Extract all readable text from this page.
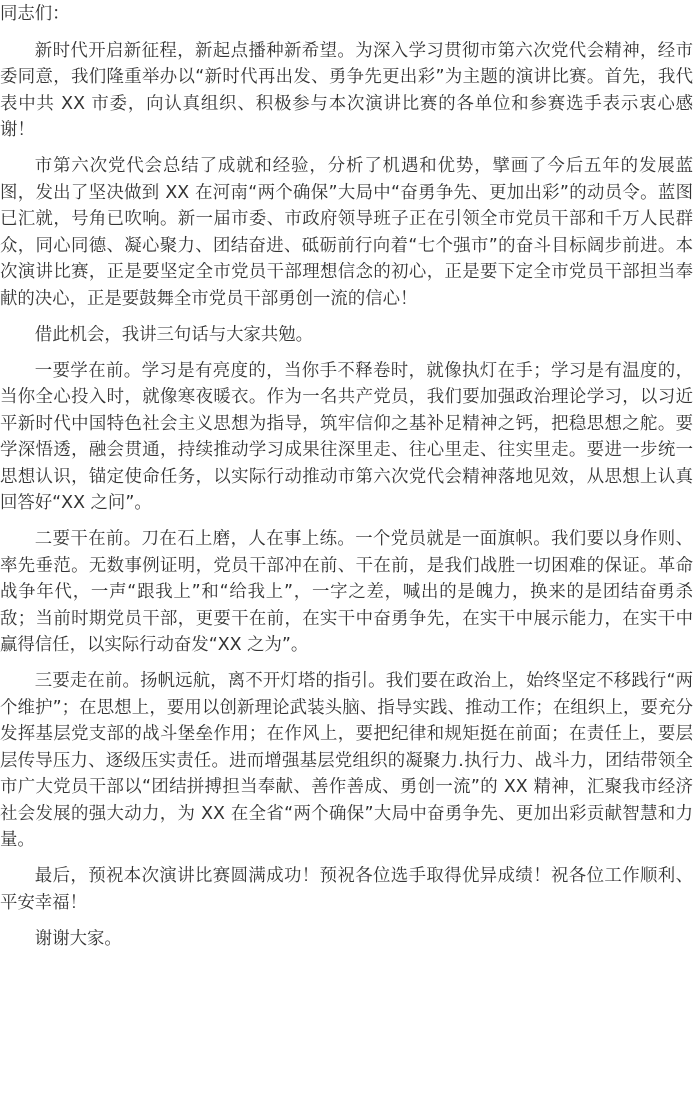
同志们：

新时代开启新征程，新起点播种新希望。为深入学习贯彻市第六次党代会精神，经市委同意，我们隆重举办以“新时代再出发、勇争先更出彩”为主题的演讲比赛。首先，我代表中共 XX 市委，向认真组织、积极参与本次演讲比赛的各单位和参赛选手表示衷心感谢！

市第六次党代会总结了成就和经验，分析了机遇和优势，擘画了今后五年的发展蓝图，发出了坚决做到 XX 在河南“两个确保”大局中“奋勇争先、更加出彩”的动员令。蓝图已汇就，号角已吹响。新一届市委、市政府领导班子正在引领全市党员干部和千万人民群众，同心同德、凝心聚力、团结奋进、砥砺前行向着“七个强市”的奋斗目标阔步前进。本次演讲比赛，正是要坚定全市党员干部理想信念的初心，正是要下定全市党员干部担当奉献的决心，正是要鼓舞全市党员干部勇创一流的信心！

借此机会，我讲三句话与大家共勉。

一要学在前。学习是有亮度的，当你手不释卷时，就像执灯在手；学习是有温度的，当你全心投入时，就像寒夜暖衣。作为一名共产党员，我们要加强政治理论学习，以习近平新时代中国特色社会主义思想为指导，筑牢信仰之基补足精神之钙，把稳思想之舵。要学深悟透，融会贯通，持续推动学习成果往深里走、往心里走、往实里走。要进一步统一思想认识，锚定使命任务，以实际行动推动市第六次党代会精神落地见效，从思想上认真回答好“XX 之问”。

二要干在前。刀在石上磨，人在事上练。一个党员就是一面旗帜。我们要以身作则、率先垂范。无数事例证明，党员干部冲在前、干在前，是我们战胜一切困难的保证。革命战争年代，一声“跟我上”和“给我上”，一字之差，喊出的是魄力，换来的是团结奋勇杀敌；当前时期党员干部，更要干在前，在实干中奋勇争先，在实干中展示能力，在实干中赢得信任，以实际行动奋发“XX 之为”。

三要走在前。扬帆远航，离不开灯塔的指引。我们要在政治上，始终坚定不移践行“两个维护”；在思想上，要用以创新理论武装头脑、指导实践、推动工作；在组织上，要充分发挥基层党支部的战斗堡垒作用；在作风上，要把纪律和规矩挺在前面；在责任上，要层层传导压力、逐级压实责任。进而增强基层党组织的凝聚力.执行力、战斗力，团结带领全市广大党员干部以“团结拼搏担当奉献、善作善成、勇创一流”的 XX 精神，汇聚我市经济社会发展的强大动力，为 XX 在全省“两个确保”大局中奋勇争先、更加出彩贡献智慧和力量。

最后，预祝本次演讲比赛圆满成功！预祝各位选手取得优异成绩！祝各位工作顺利、平安幸福！

谢谢大家。
